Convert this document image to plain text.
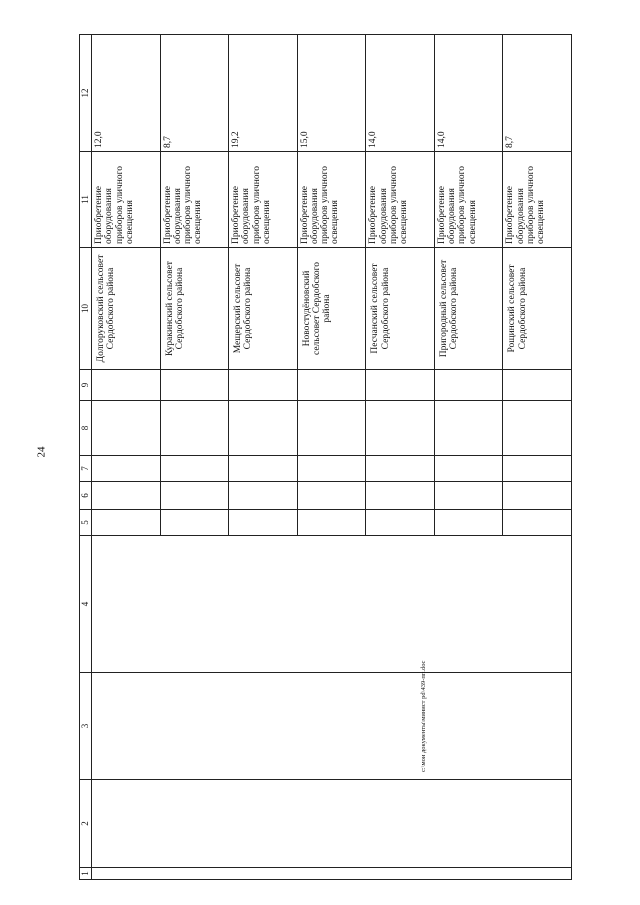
24
1	2	3	4	5	6	7	8	9	10	11	12
									Долгоруковский сельсовет Сердобского района	Приобретение оборудования приборов уличного освещения	12,0
									Куракинский сельсовет Сердобского района	Приобретение оборудования приборов уличного освещения	8,7
									Мещерский сельсовет Сердобского района	Приобретение оборудования приборов уличного освещения	19,2
									Новостудёновский сельсовет Сердобского района	Приобретение оборудования приборов уличного освещения	15,0
									Песчанский сельсовет Сердобского района	Приобретение оборудования приборов уличного освещения	14,0
									Пригородный сельсовет Сердобского района	Приобретение оборудования приборов уличного освещения	14,0
									Рощинский сельсовет Сердобского района	Приобретение оборудования приборов уличного освещения	8,7
c:\мои документы\минист pd\439-пп.doc
